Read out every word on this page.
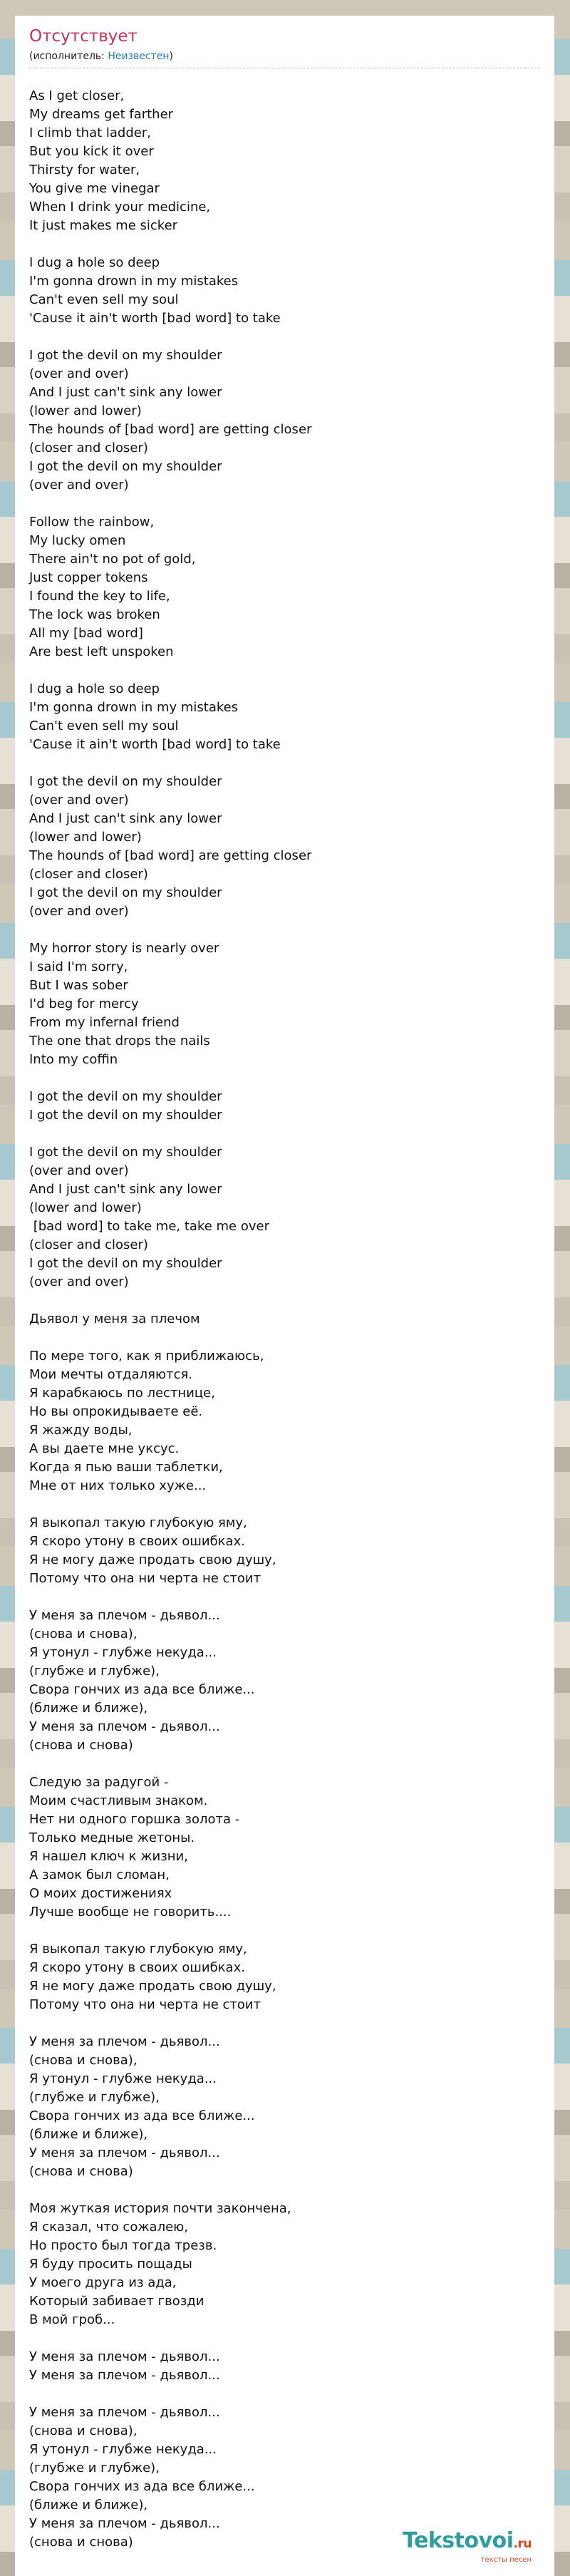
Отсутствует
(исполнитель: Неизвестен)
As I get closer,
My dreams get farther
I climb that ladder,
But you kick it over
Thirsty for water,
You give me vinegar
When I drink your medicine,
It just makes me sicker
I dug a hole so deep
I'm gonna drown in my mistakes
Can't even sell my soul
'Cause it ain't worth [bad word] to take
I got the devil on my shoulder
(over and over)
And I just can't sink any lower
(lower and lower)
The hounds of [bad word] are getting closer
(closer and closer)
I got the devil on my shoulder
(over and over)
Follow the rainbow,
My lucky omen
There ain't no pot of gold,
Just copper tokens
I found the key to life,
The lock was broken
All my [bad word]
Are best left unspoken
I dug a hole so deep
I'm gonna drown in my mistakes
Can't even sell my soul
'Cause it ain't worth [bad word] to take
I got the devil on my shoulder
(over and over)
And I just can't sink any lower
(lower and lower)
The hounds of [bad word] are getting closer
(closer and closer)
I got the devil on my shoulder
(over and over)
My horror story is nearly over
I said I'm sorry,
But I was sober
I'd beg for mercy
From my infernal friend
The one that drops the nails
Into my coffin
I got the devil on my shoulder
I got the devil on my shoulder
I got the devil on my shoulder
(over and over)
And I just can't sink any lower
(lower and lower)
[bad word] to take me, take me over
(closer and closer)
I got the devil on my shoulder
(over and over)
Дьявол у меня за плечом
По мере того, как я приближаюсь,
Мои мечты отдаляются.
Я карабкаюсь по лестнице,
Но вы опрокидываете её.
Я жажду воды,
А вы даете мне уксус.
Когда я пью ваши таблетки,
Мне от них только хуже...
Я выкопал такую глубокую яму,
Я скоро утону в своих ошибках.
Я не могу даже продать свою душу,
Потому что она ни черта не стоит
У меня за плечом - дьявол...
(снова и снова),
Я утонул - глубже некуда...
(глубже и глубже),
Свора гончих из ада все ближе...
(ближе и ближе),
У меня за плечом - дьявол...
(снова и снова)
Следую за радугой -
Моим счастливым знаком.
Нет ни одного горшка золота -
Только медные жетоны.
Я нашел ключ к жизни,
А замок был сломан,
О моих достижениях
Лучше вообще не говорить....
Я выкопал такую глубокую яму,
Я скоро утону в своих ошибках.
Я не могу даже продать свою душу,
Потому что она ни черта не стоит
У меня за плечом - дьявол...
(снова и снова),
Я утонул - глубже некуда...
(глубже и глубже),
Свора гончих из ада все ближе...
(ближе и ближе),
У меня за плечом - дьявол...
(снова и снова)
Моя жуткая история почти закончена,
Я сказал, что сожалею,
Но просто был тогда трезв.
Я буду просить пощады
У моего друга из ада,
Который забивает гвозди
В мой гроб...
У меня за плечом - дьявол...
У меня за плечом - дьявол...
У меня за плечом - дьявол...
(снова и снова),
Я утонул - глубже некуда...
(глубже и глубже),
Свора гончих из ада все ближе...
(ближе и ближе),
У меня за плечом - дьявол...
(снова и снова)	Tekstovoi.ru
тексты песен
